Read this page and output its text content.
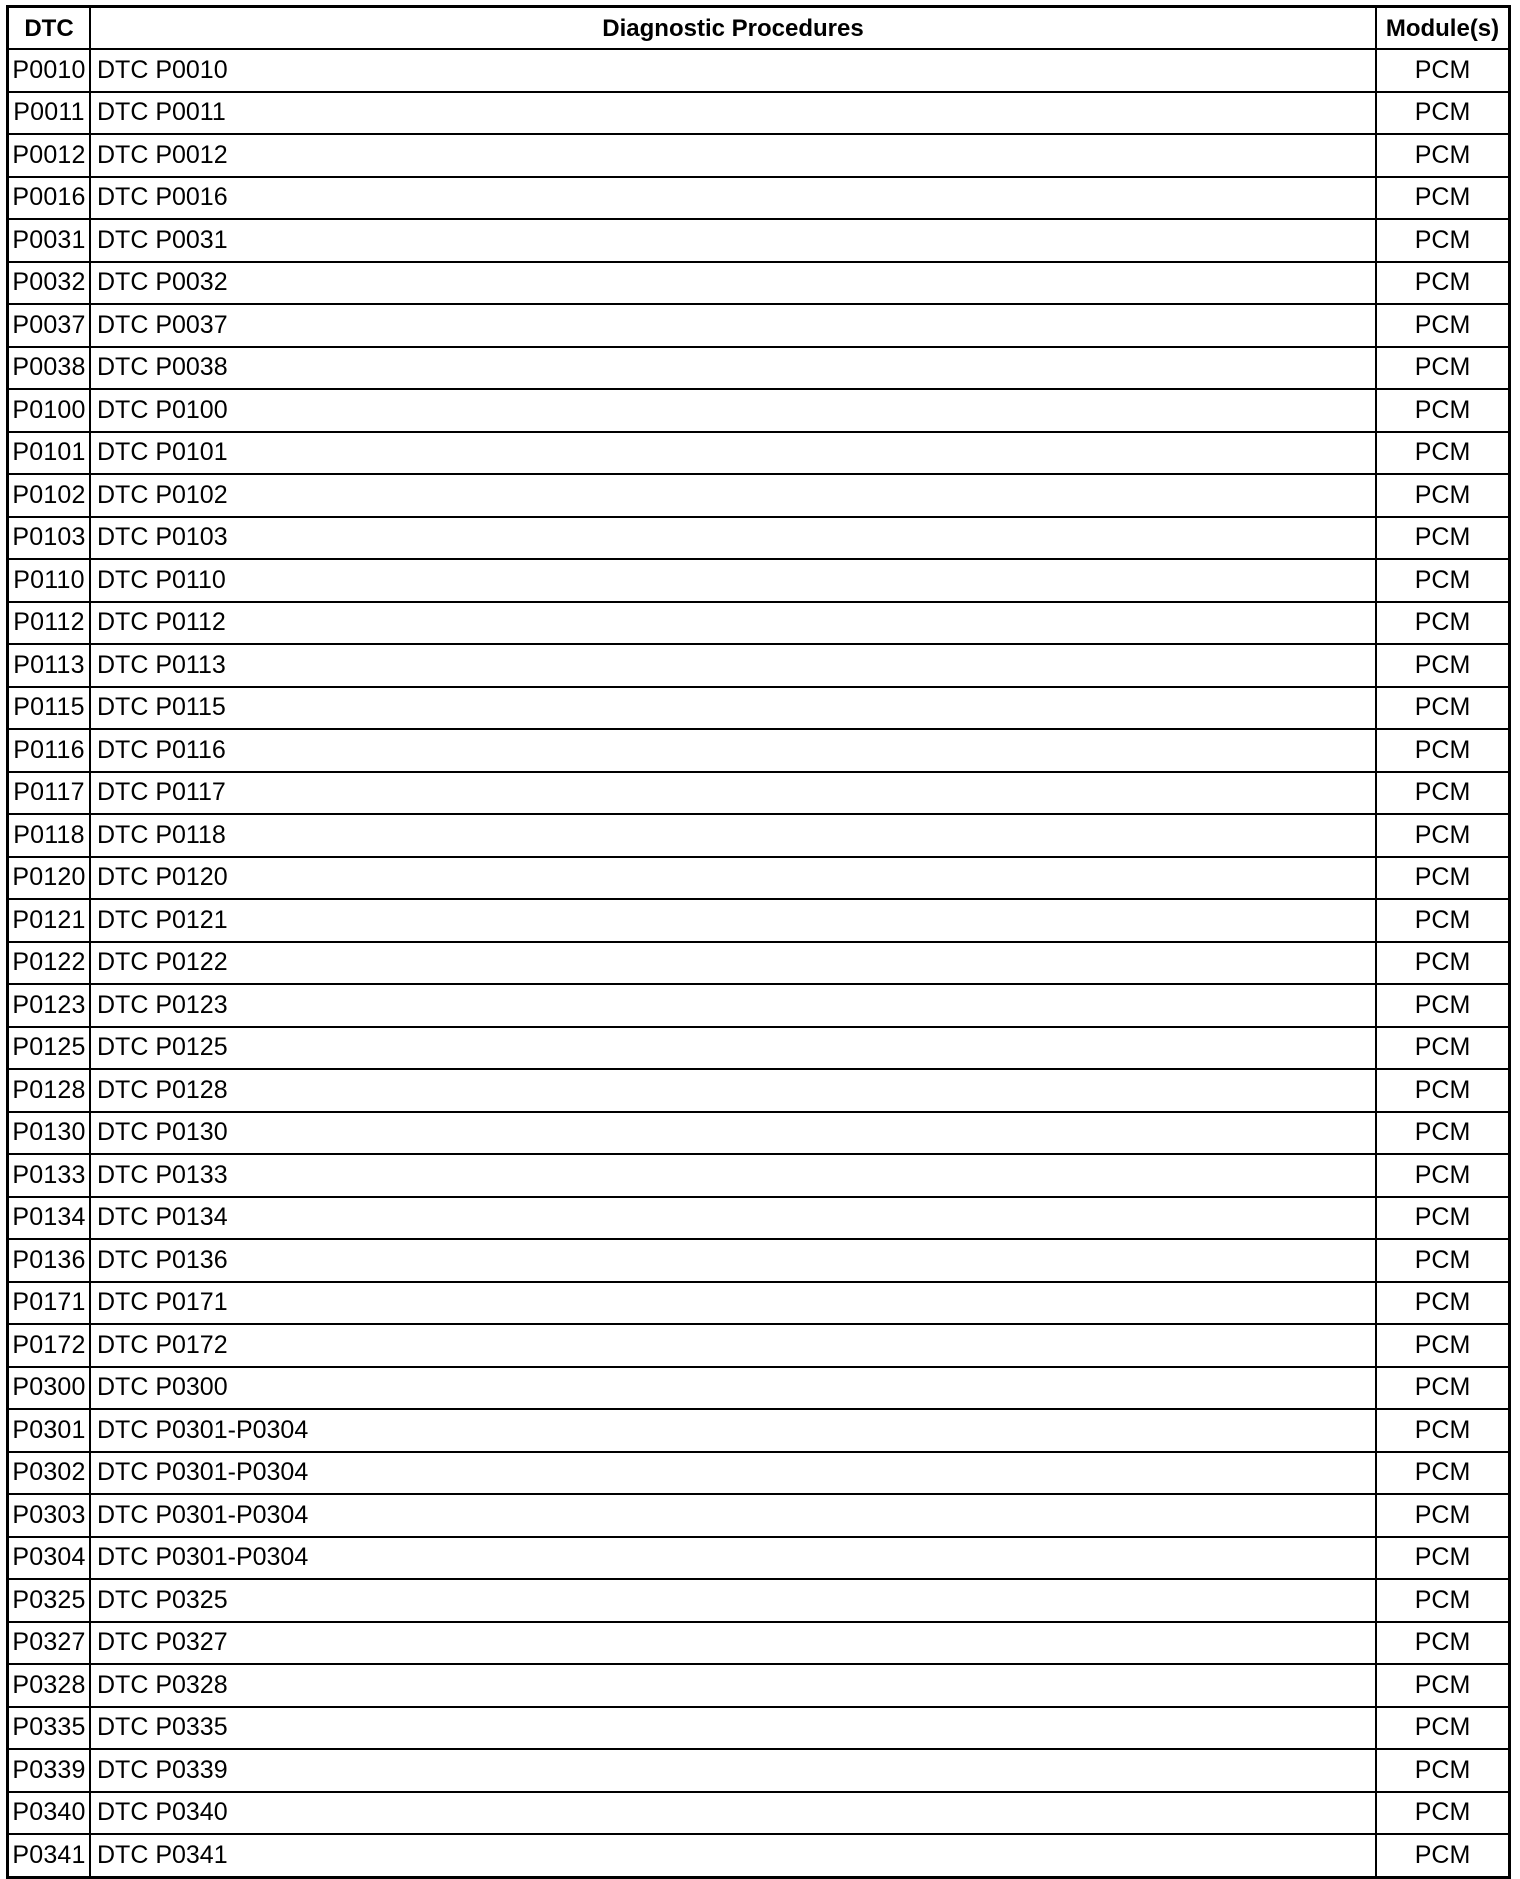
DTC	Diagnostic Procedures	Module(s)
P0010	DTC P0010	PCM
P0011	DTC P0011	PCM
P0012	DTC P0012	PCM
P0016	DTC P0016	PCM
P0031	DTC P0031	PCM
P0032	DTC P0032	PCM
P0037	DTC P0037	PCM
P0038	DTC P0038	PCM
P0100	DTC P0100	PCM
P0101	DTC P0101	PCM
P0102	DTC P0102	PCM
P0103	DTC P0103	PCM
P0110	DTC P0110	PCM
P0112	DTC P0112	PCM
P0113	DTC P0113	PCM
P0115	DTC P0115	PCM
P0116	DTC P0116	PCM
P0117	DTC P0117	PCM
P0118	DTC P0118	PCM
P0120	DTC P0120	PCM
P0121	DTC P0121	PCM
P0122	DTC P0122	PCM
P0123	DTC P0123	PCM
P0125	DTC P0125	PCM
P0128	DTC P0128	PCM
P0130	DTC P0130	PCM
P0133	DTC P0133	PCM
P0134	DTC P0134	PCM
P0136	DTC P0136	PCM
P0171	DTC P0171	PCM
P0172	DTC P0172	PCM
P0300	DTC P0300	PCM
P0301	DTC P0301-P0304	PCM
P0302	DTC P0301-P0304	PCM
P0303	DTC P0301-P0304	PCM
P0304	DTC P0301-P0304	PCM
P0325	DTC P0325	PCM
P0327	DTC P0327	PCM
P0328	DTC P0328	PCM
P0335	DTC P0335	PCM
P0339	DTC P0339	PCM
P0340	DTC P0340	PCM
P0341	DTC P0341	PCM
